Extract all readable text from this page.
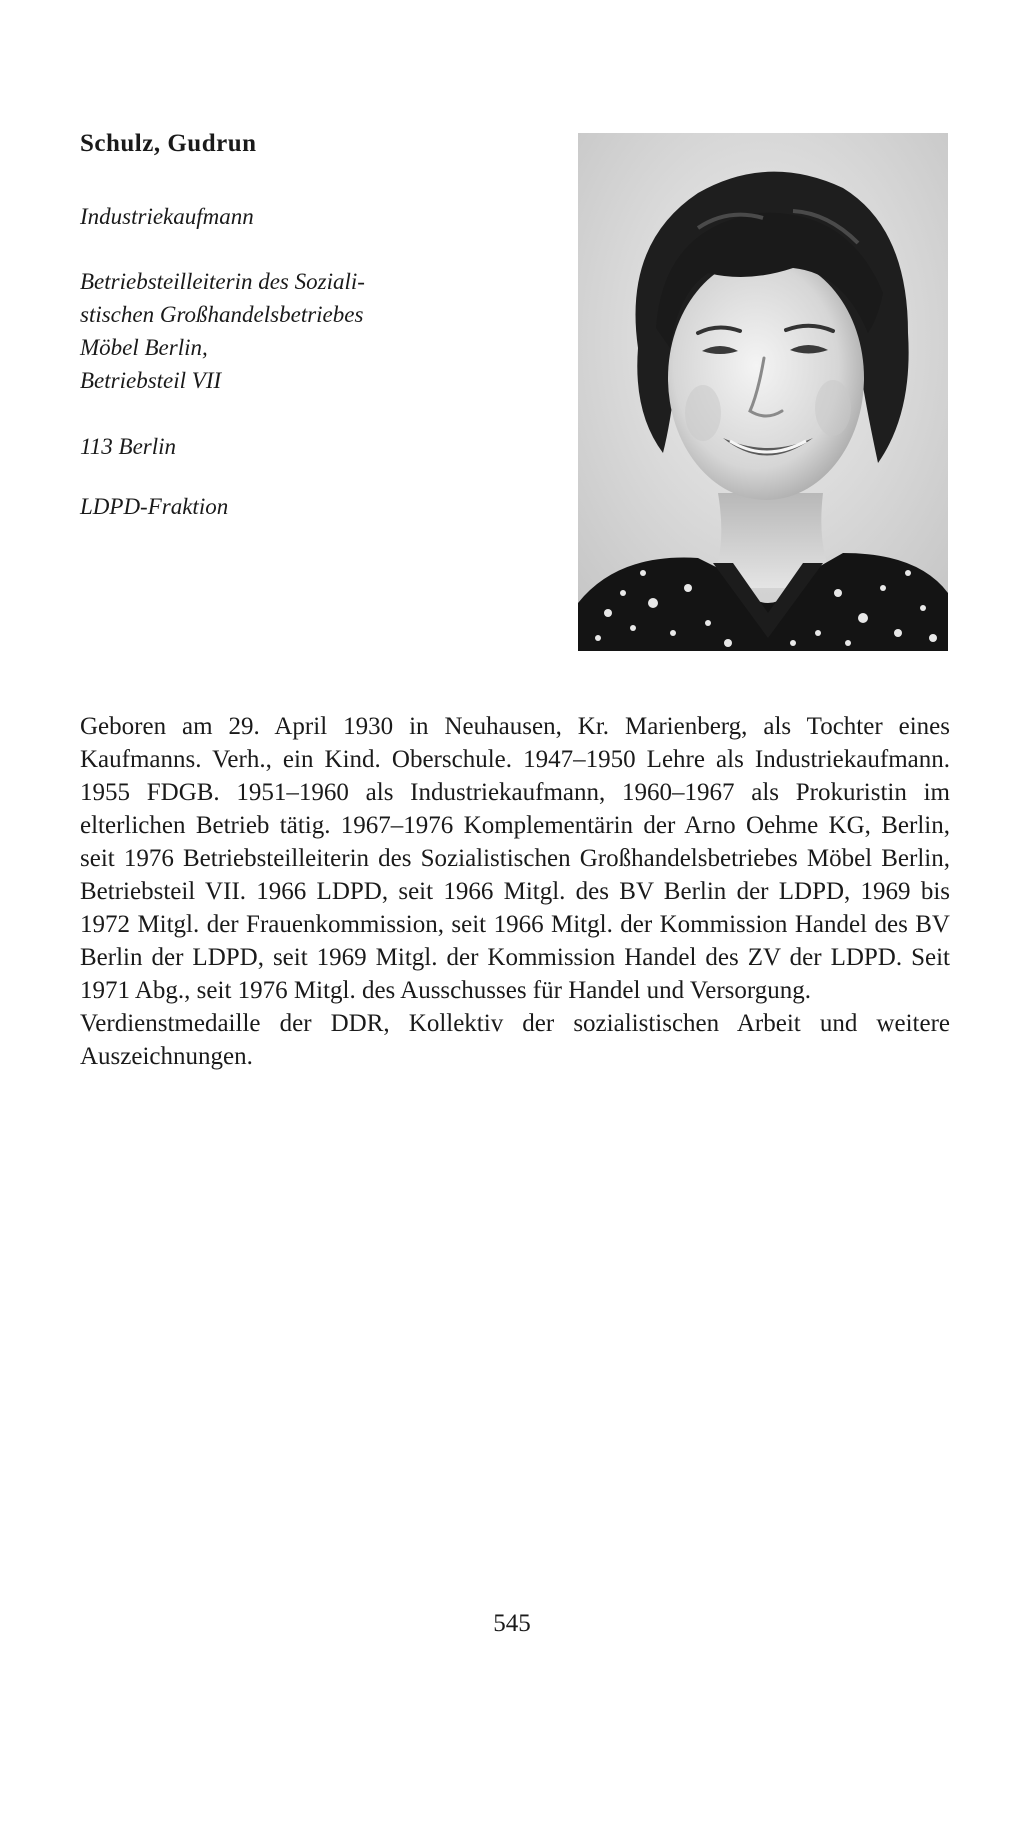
Schulz, Gudrun
Industriekaufmann
Betriebsteilleiterin des Soziali-
stischen Großhandelsbetriebes
Möbel Berlin,
Betriebsteil VII
113 Berlin
LDPD-Fraktion

Geboren am 29. April 1930 in Neuhausen, Kr. Marienberg, als Tochter eines Kaufmanns. Verh., ein Kind. Oberschule. 1947–1950 Lehre als Industriekaufmann. 1955 FDGB. 1951–1960 als Industriekaufmann, 1960–1967 als Prokuristin im elterlichen Betrieb tätig. 1967–1976 Komplementärin der Arno Oehme KG, Berlin, seit 1976 Betriebsteilleiterin des Sozialistischen Großhandelsbetriebes Möbel Berlin, Betriebsteil VII. 1966 LDPD, seit 1966 Mitgl. des BV Berlin der LDPD, 1969 bis 1972 Mitgl. der Frauenkommission, seit 1966 Mitgl. der Kommission Handel des BV Berlin der LDPD, seit 1969 Mitgl. der Kommission Handel des ZV der LDPD. Seit 1971 Abg., seit 1976 Mitgl. des Ausschusses für Handel und Versorgung.

Verdienstmedaille der DDR, Kollektiv der sozialistischen Arbeit und weitere Auszeichnungen.

545
